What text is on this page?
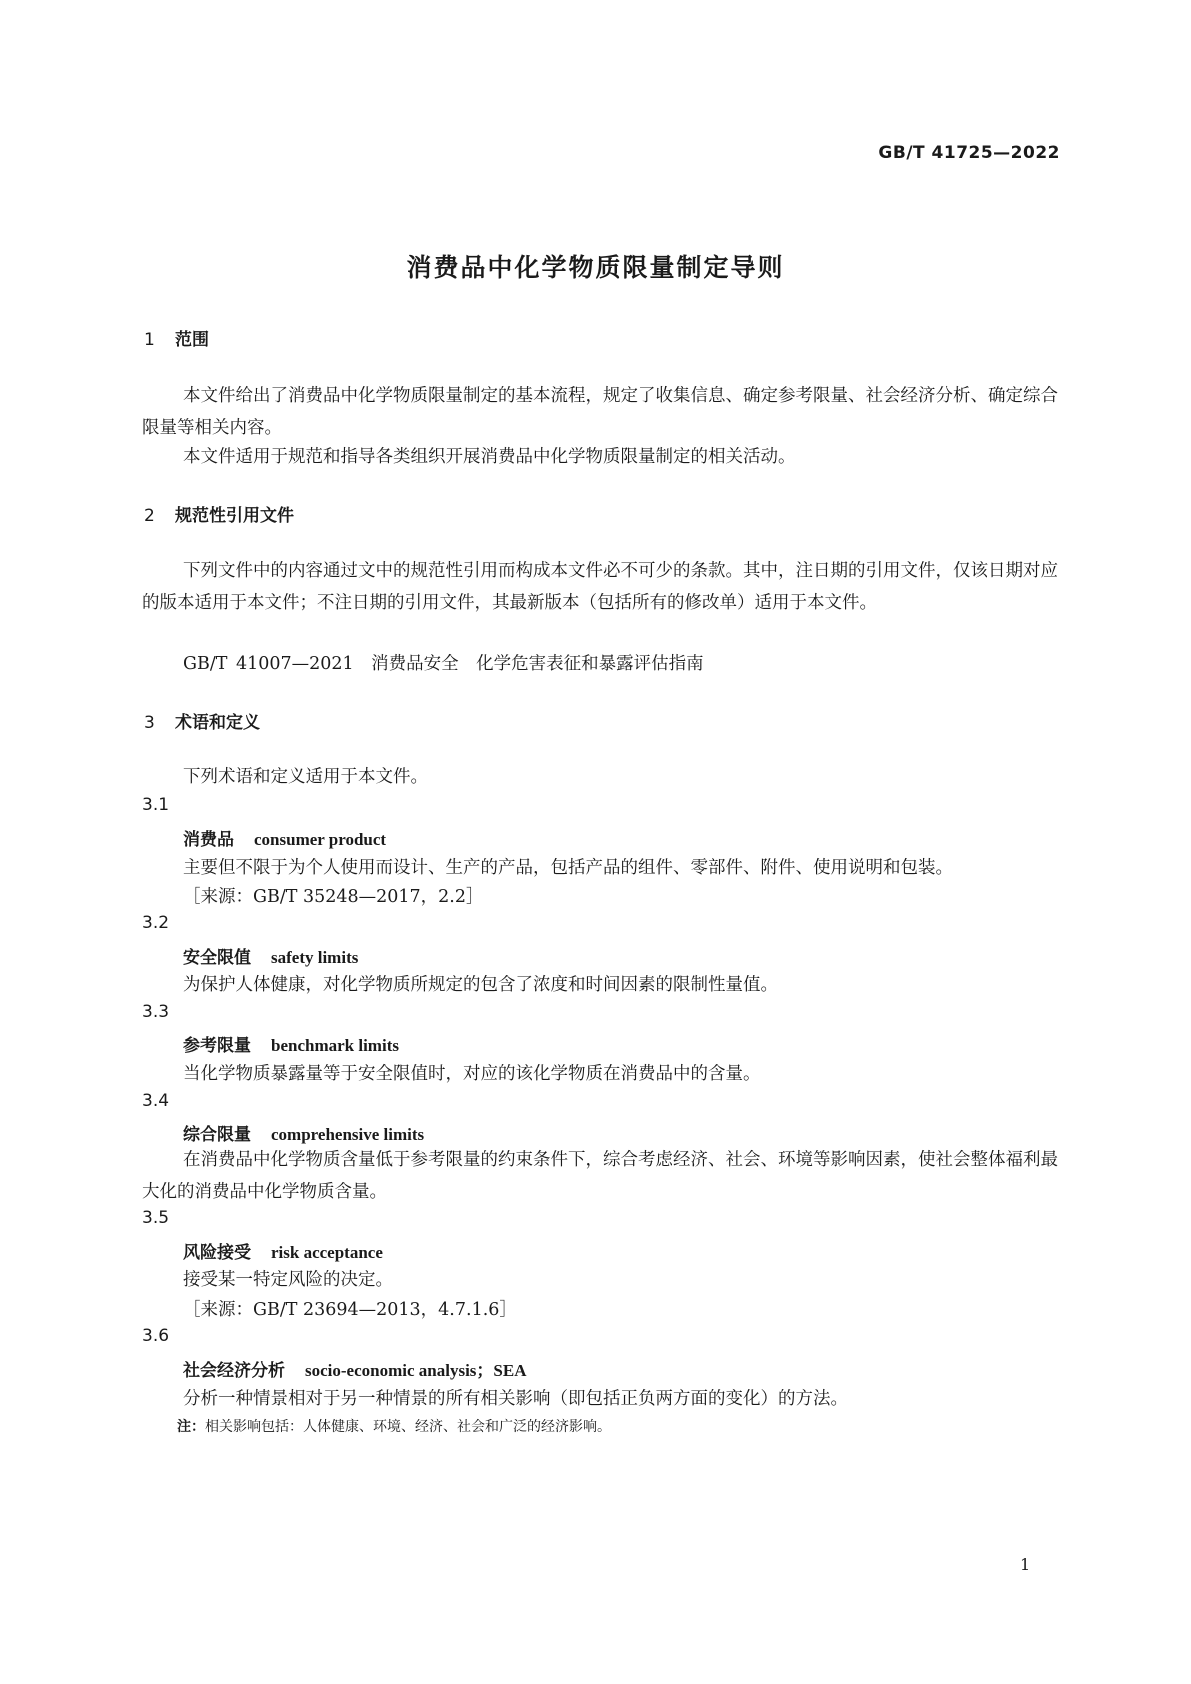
GB/T 41725—2022
消费品中化学物质限量制定导则
1 范围
本文件给出了消费品中化学物质限量制定的基本流程，规定了收集信息、确定参考限量、社会经济分析、确定综合限量等相关内容。
本文件适用于规范和指导各类组织开展消费品中化学物质限量制定的相关活动。
2 规范性引用文件
下列文件中的内容通过文中的规范性引用而构成本文件必不可少的条款。其中，注日期的引用文件，仅该日期对应的版本适用于本文件；不注日期的引用文件，其最新版本（包括所有的修改单）适用于本文件。
GB/T 41007—2021　消费品安全　化学危害表征和暴露评估指南
3 术语和定义
下列术语和定义适用于本文件。
3.1
消费品 consumer product
主要但不限于为个人使用而设计、生产的产品，包括产品的组件、零部件、附件、使用说明和包装。
［来源：GB/T 35248—2017，2.2］
3.2
安全限值 safety limits
为保护人体健康，对化学物质所规定的包含了浓度和时间因素的限制性量值。
3.3
参考限量 benchmark limits
当化学物质暴露量等于安全限值时，对应的该化学物质在消费品中的含量。
3.4
综合限量 comprehensive limits
在消费品中化学物质含量低于参考限量的约束条件下，综合考虑经济、社会、环境等影响因素，使社会整体福利最大化的消费品中化学物质含量。
3.5
风险接受 risk acceptance
接受某一特定风险的决定。
［来源：GB/T 23694—2013，4.7.1.6］
3.6
社会经济分析 socio-economic analysis；SEA
分析一种情景相对于另一种情景的所有相关影响（即包括正负两方面的变化）的方法。
注：相关影响包括：人体健康、环境、经济、社会和广泛的经济影响。
1
